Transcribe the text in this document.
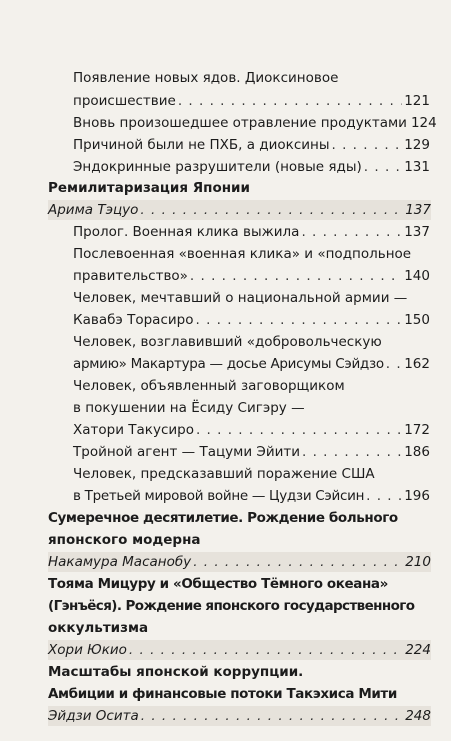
Появление новых ядов. Диоксиновое
происшествие . . .	121
Вновь произошедшее отравление продуктами 124
Причиной были не ПХБ, а диоксины . . .	129
Эндокринные разрушители (новые яды) . . .	131
Ремилитаризация Японии
Арима Тэцуо . . .	137
Пролог. Военная клика выжила . . .	137
Послевоенная «военная клика» и «подпольное
правительство» . . .	140
Человек, мечтавший о национальной армии —
Кавабэ Торасиро . . .	150
Человек, возглавивший «добровольческую
армию» Макартура — досье Арисумы Сэйдзо . . . 162
Человек, объявленный заговорщиком
в покушении на Ёсиду Сигэру —
Хатори Такусиро . . .	172
Тройной агент — Тацуми Эйити . . .	186
Человек, предсказавший поражение США
в Третьей мировой войне — Цудзи Сэйсин . . .	196
Сумеречное десятилетие. Рождение больного
японского модерна
Накамура Масанобу . . .	210
Тояма Мицуру и «Общество Тёмного океана»
(Гэнъёся). Рождение японского государственного
оккультизма
Хори Юкио . . .	224
Масштабы японской коррупции.
Амбиции и финансовые потоки Такэхиса Мити
Эйдзи Осита . . .	248
